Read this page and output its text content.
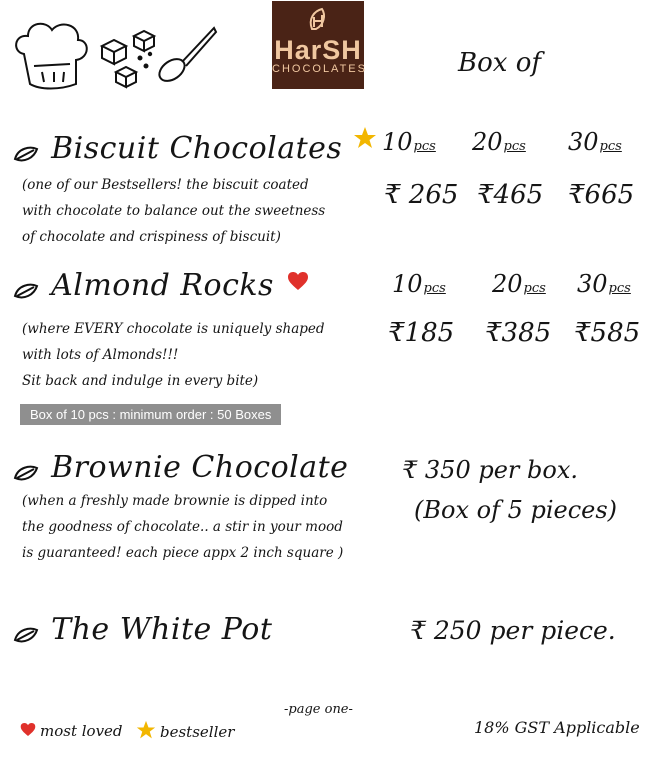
HarSH
CHOCOLATES	Box of
Biscuit Chocolates
(one of our Bestsellers! the biscuit coated
with chocolate to balance out the sweetness
of chocolate and crispiness of biscuit)
10pcs 20pcs 30pcs
₹ 265 ₹465 ₹665
Almond Rocks
(where EVERY chocolate is uniquely shaped
with lots of Almonds!!!
Sit back and indulge in every bite)
10pcs 20pcs 30pcs
₹185 ₹385 ₹585
Box of 10 pcs : minimum order : 50 Boxes
Brownie Chocolate
(when a freshly made brownie is dipped into
the goodness of chocolate.. a stir in your mood
is guaranteed! each piece appx 2 inch square )
₹ 350 per box.
(Box of 5 pieces)
The White Pot	₹ 250 per piece.
most loved	bestseller
-page one-
18% GST Applicable
